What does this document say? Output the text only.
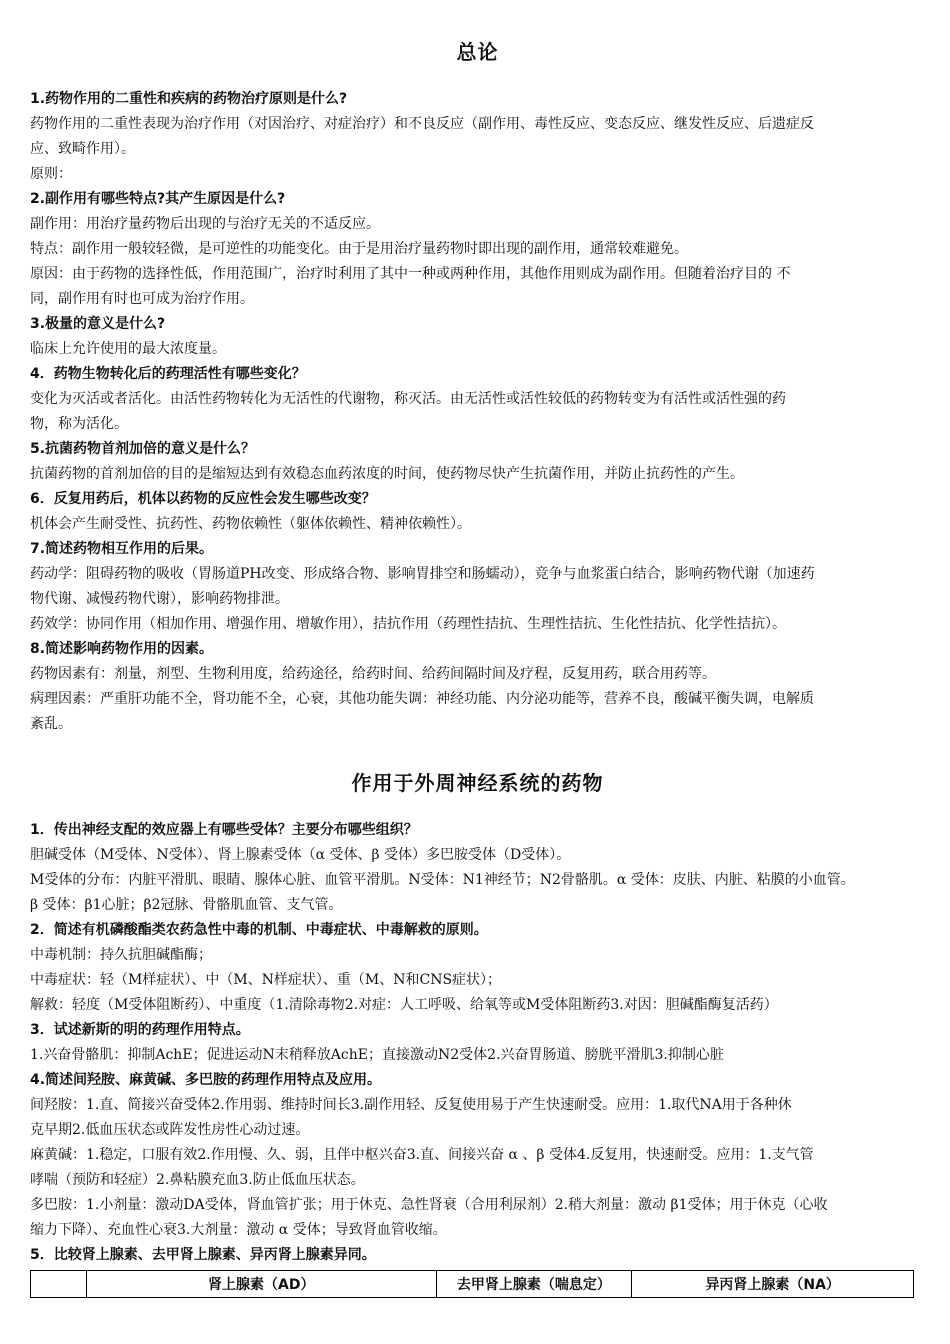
总论
1.药物作用的二重性和疾病的药物治疗原则是什么?
药物作用的二重性表现为治疗作用（对因治疗、对症治疗）和不良反应（副作用、毒性反应、变态反应、继发性反应、后遗症反
应、致畸作用）。
原则：
2.副作用有哪些特点?其产生原因是什么?
副作用：用治疗量药物后出现的与治疗无关的不适反应。
特点：副作用一般较轻微，是可逆性的功能变化。由于是用治疗量药物时即出现的副作用，通常较难避免。
原因：由于药物的选择性低，作用范围广，治疗时利用了其中一种或两种作用，其他作用则成为副作用。但随着治疗目的 不
同，副作用有时也可成为治疗作用。
3.极量的意义是什么?
临床上允许使用的最大浓度量。
4．药物生物转化后的药理活性有哪些变化？
变化为灭活或者活化。由活性药物转化为无活性的代谢物，称灭活。由无活性或活性较低的药物转变为有活性或活性强的药
物，称为活化。
5.抗菌药物首剂加倍的意义是什么？
抗菌药物的首剂加倍的目的是缩短达到有效稳态血药浓度的时间，使药物尽快产生抗菌作用，并防止抗药性的产生。
6．反复用药后，机体以药物的反应性会发生哪些改变？
机体会产生耐受性、抗药性、药物依赖性（躯体依赖性、精神依赖性）。
7.简述药物相互作用的后果。
药动学：阻碍药物的吸收（胃肠道PH改变、形成络合物、影响胃排空和肠蠕动），竞争与血浆蛋白结合，影响药物代谢（加速药
物代谢、减慢药物代谢），影响药物排泄。
药效学：协同作用（相加作用、增强作用、增敏作用），拮抗作用（药理性拮抗、生理性拮抗、生化性拮抗、化学性拮抗）。
8.简述影响药物作用的因素。
药物因素有：剂量，剂型、生物利用度，给药途径，给药时间、给药间隔时间及疗程，反复用药，联合用药等。
病理因素：严重肝功能不全，肾功能不全，心衰，其他功能失调：神经功能、内分泌功能等，营养不良，酸碱平衡失调，电解质
紊乱。
作用于外周神经系统的药物
1．传出神经支配的效应器上有哪些受体？主要分布哪些组织？
胆碱受体（M受体、N受体）、肾上腺素受体（α 受体、β 受体）多巴胺受体（D受体）。
M受体的分布：内脏平滑肌、眼睛、腺体心脏、血管平滑肌。N受体：N1神经节；N2骨骼肌。α 受体：皮肤、内脏、粘膜的小血管。
β 受体：β1心脏；β2冠脉、骨骼肌血管、支气管。
2．简述有机磷酸酯类农药急性中毒的机制、中毒症状、中毒解救的原则。
中毒机制：持久抗胆碱酯酶；
中毒症状：轻（M样症状）、中（M、N样症状）、重（M、N和CNS症状）；
解救：轻度（M受体阻断药）、中重度（1.清除毒物2.对症：人工呼吸、给氧等或M受体阻断药3.对因：胆碱酯酶复活药）
3．试述新斯的明的药理作用特点。
1.兴奋骨骼肌：抑制AchE；促进运动N末稍释放AchE；直接激动N2受体2.兴奋胃肠道、膀胱平滑肌3.抑制心脏
4.简述间羟胺、麻黄碱、多巴胺的药理作用特点及应用。
间羟胺：1.直、简接兴奋受体2.作用弱、维持时间长3.副作用轻、反复使用易于产生快速耐受。应用：1.取代NA用于各种休
克早期2.低血压状态或阵发性房性心动过速。
麻黄碱：1.稳定，口服有效2.作用慢、久、弱，且伴中枢兴奋3.直、间接兴奋 α 、β 受体4.反复用，快速耐受。应用：1.支气管
哮喘（预防和轻症）2.鼻粘膜充血3.防止低血压状态。
多巴胺：1.小剂量：激动DA受体，肾血管扩张；用于休克、急性肾衰（合用利尿剂）2.稍大剂量：激动 β1受体；用于休克（心收
缩力下降）、充血性心衰3.大剂量：激动 α 受体；导致肾血管收缩。
5．比较肾上腺素、去甲肾上腺素、异丙肾上腺素异同。
	肾上腺素（AD）	去甲肾上腺素（喘息定）	异丙肾上腺素（NA）
